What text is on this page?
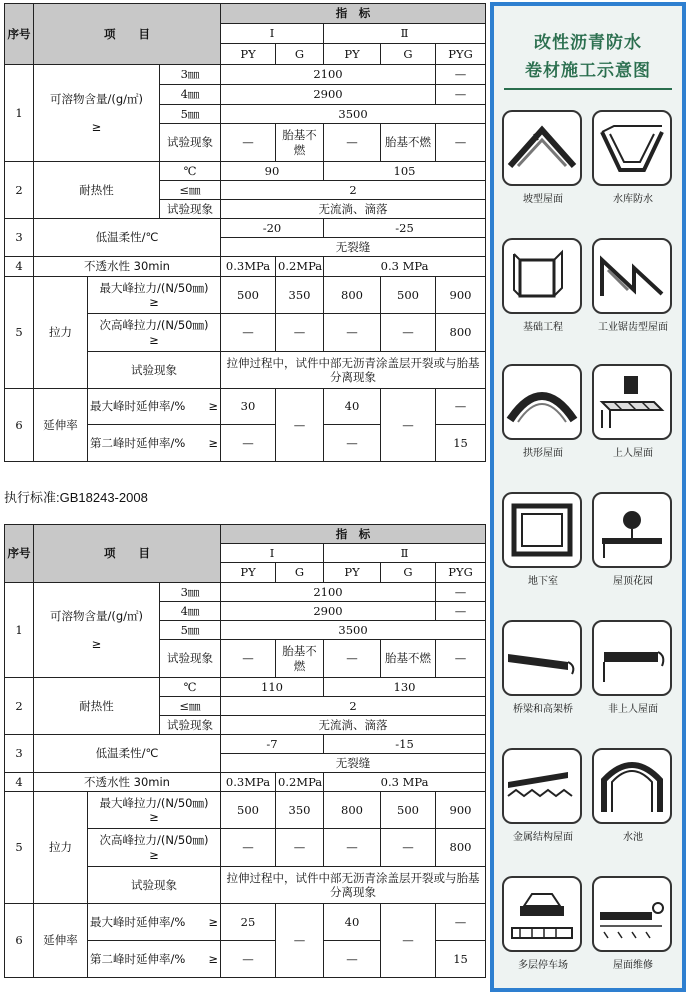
序号	项　　目			指　标				
				Ⅰ		Ⅱ		
				PY	G	PY	G	PYG
1	可溶物含量/(g/㎡)
≥		3㎜	2100				—
			4㎜	2900				—
			5㎜	3500				
			试验现象	—	胎基不燃	—	胎基不燃	—
2	耐热性		℃	90		105		
			≤㎜	2				
			试验现象	无流淌、滴落				
3	低温柔性/℃			-20		-25		
				无裂缝				
4	不透水性 30min			0.3MPa	0.2MPa	0.3 MPa		
5	拉力	最大峰拉力/(N/50㎜)　≥		500	350	800	500	900
		次高峰拉力/(N/50㎜)　≥		—	—	—	—	800
		试验现象		拉伸过程中，试件中部无沥青涂盖层开裂或与胎基分离现象				
6	延伸率	最大峰时延伸率/%　　≥		30	—	40	—	—
		第二峰时延伸率/%　　≥		—		—		15
执行标准:GB18243-2008
序号	项　　目			指　标				
				Ⅰ		Ⅱ		
				PY	G	PY	G	PYG
1	可溶物含量/(g/㎡)
≥		3㎜	2100				—
			4㎜	2900				—
			5㎜	3500				
			试验现象	—	胎基不燃	—	胎基不燃	—
2	耐热性		℃	110		130		
			≤㎜	2				
			试验现象	无流淌、滴落				
3	低温柔性/℃			-7		-15		
				无裂缝				
4	不透水性 30min			0.3MPa	0.2MPa	0.3 MPa		
5	拉力	最大峰拉力/(N/50㎜)　≥		500	350	800	500	900
		次高峰拉力/(N/50㎜)　≥		—	—	—	—	800
		试验现象		拉伸过程中，试件中部无沥青涂盖层开裂或与胎基分离现象				
6	延伸率	最大峰时延伸率/%　　≥		25	—	40	—	—
		第二峰时延伸率/%　　≥		—		—		15
改性沥青防水
卷材施工示意图
坡型屋面	水库防水
基础工程	工业锯齿型屋面
拱形屋面	上人屋面
地下室	屋顶花园
桥梁和高架桥	非上人屋面
金属结构屋面	水池
多层停车场	屋面维修
